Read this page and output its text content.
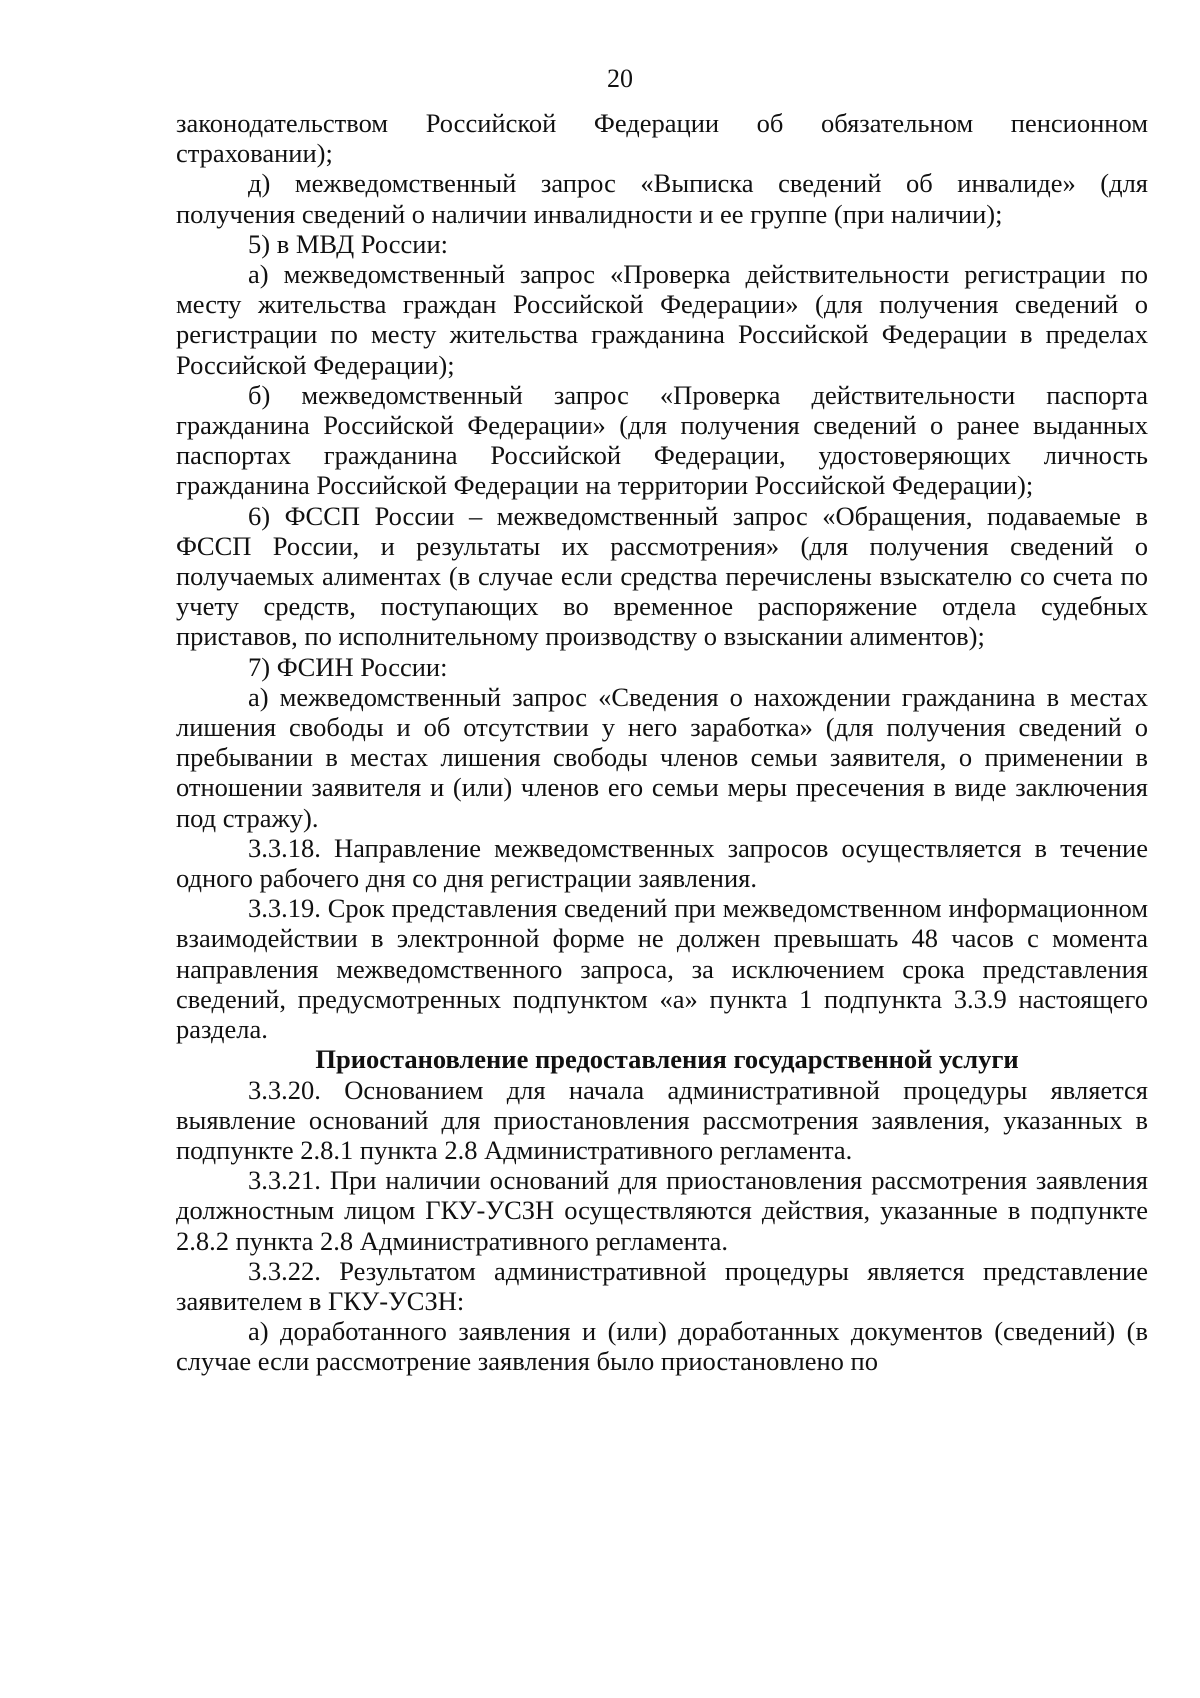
20

законодательством Российской Федерации об обязательном пенсионном страховании);

д) межведомственный запрос «Выписка сведений об инвалиде» (для получения сведений о наличии инвалидности и ее группе (при наличии);

5) в МВД России:

а) межведомственный запрос «Проверка действительности регистрации по месту жительства граждан Российской Федерации» (для получения сведений о регистрации по месту жительства гражданина Российской Федерации в пределах Российской Федерации);

б) межведомственный запрос «Проверка действительности паспорта гражданина Российской Федерации» (для получения сведений о ранее выданных паспортах гражданина Российской Федерации, удостоверяющих личность гражданина Российской Федерации на территории Российской Федерации);

6) ФССП России – межведомственный запрос «Обращения, подаваемые в ФССП России, и результаты их рассмотрения» (для получения сведений о получаемых алиментах (в случае если средства перечислены взыскателю со счета по учету средств, поступающих во временное распоряжение отдела судебных приставов, по исполнительному производству о взыскании алиментов);

7) ФСИН России:

а) межведомственный запрос «Сведения о нахождении гражданина в местах лишения свободы и об отсутствии у него заработка» (для получения сведений о пребывании в местах лишения свободы членов семьи заявителя, о применении в отношении заявителя и (или) членов его семьи меры пресечения в виде заключения под стражу).

3.3.18. Направление межведомственных запросов осуществляется в течение одного рабочего дня со дня регистрации заявления.

3.3.19. Срок представления сведений при межведомственном информационном взаимодействии в электронной форме не должен превышать 48 часов с момента направления межведомственного запроса, за исключением срока представления сведений, предусмотренных подпунктом «а» пункта 1 подпункта 3.3.9 настоящего раздела.

Приостановление предоставления государственной услуги

3.3.20. Основанием для начала административной процедуры является выявление оснований для приостановления рассмотрения заявления, указанных в подпункте 2.8.1 пункта 2.8 Административного регламента.

3.3.21. При наличии оснований для приостановления рассмотрения заявления должностным лицом ГКУ-УСЗН осуществляются действия, указанные в подпункте 2.8.2 пункта 2.8 Административного регламента.

3.3.22. Результатом административной процедуры является представление заявителем в ГКУ-УСЗН:

а) доработанного заявления и (или) доработанных документов (сведений) (в случае если рассмотрение заявления было приостановлено по
